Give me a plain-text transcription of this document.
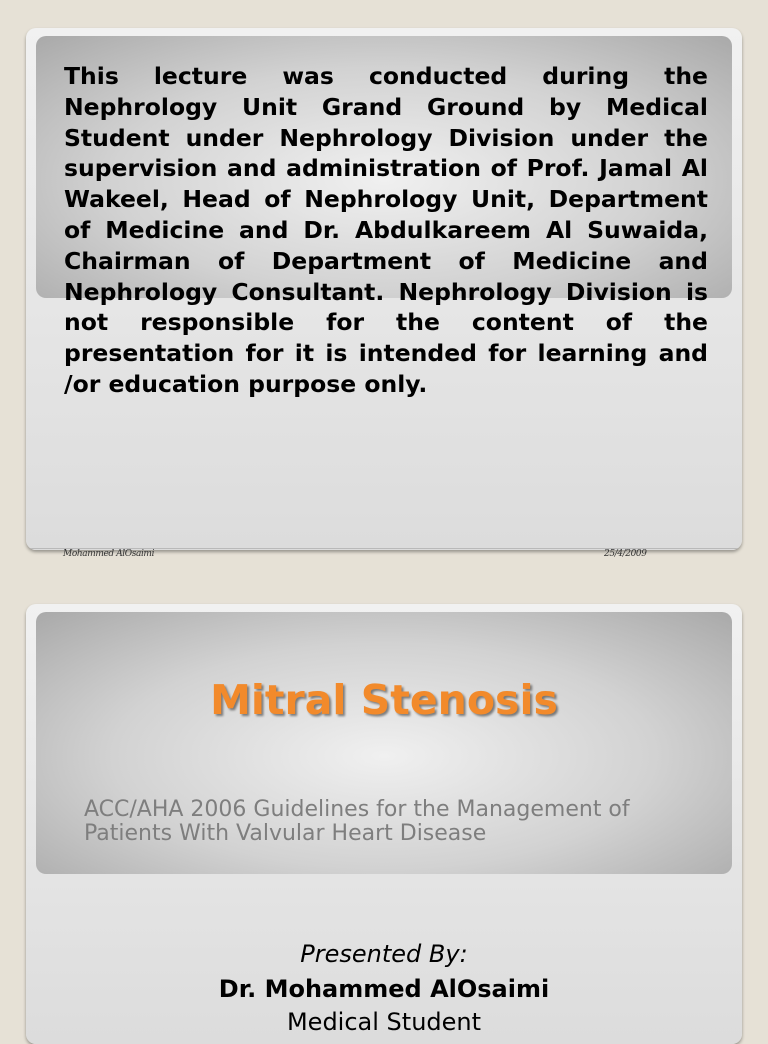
This lecture was conducted during the Nephrology Unit Grand Ground by Medical Student under Nephrology Division under the supervision and administration of Prof. Jamal Al Wakeel, Head of Nephrology Unit, Department of Medicine and Dr. Abdulkareem Al Suwaida, Chairman of Department of Medicine and Nephrology Consultant. Nephrology Division is not responsible for the content of the presentation for it is intended for learning and /or education purpose only.

Mohammed AlOsaimi	25/4/2009
Mitral Stenosis

ACC/AHA 2006 Guidelines for the Management of Patients With Valvular Heart Disease

Presented By:

Dr. Mohammed AlOsaimi

Medical Student
